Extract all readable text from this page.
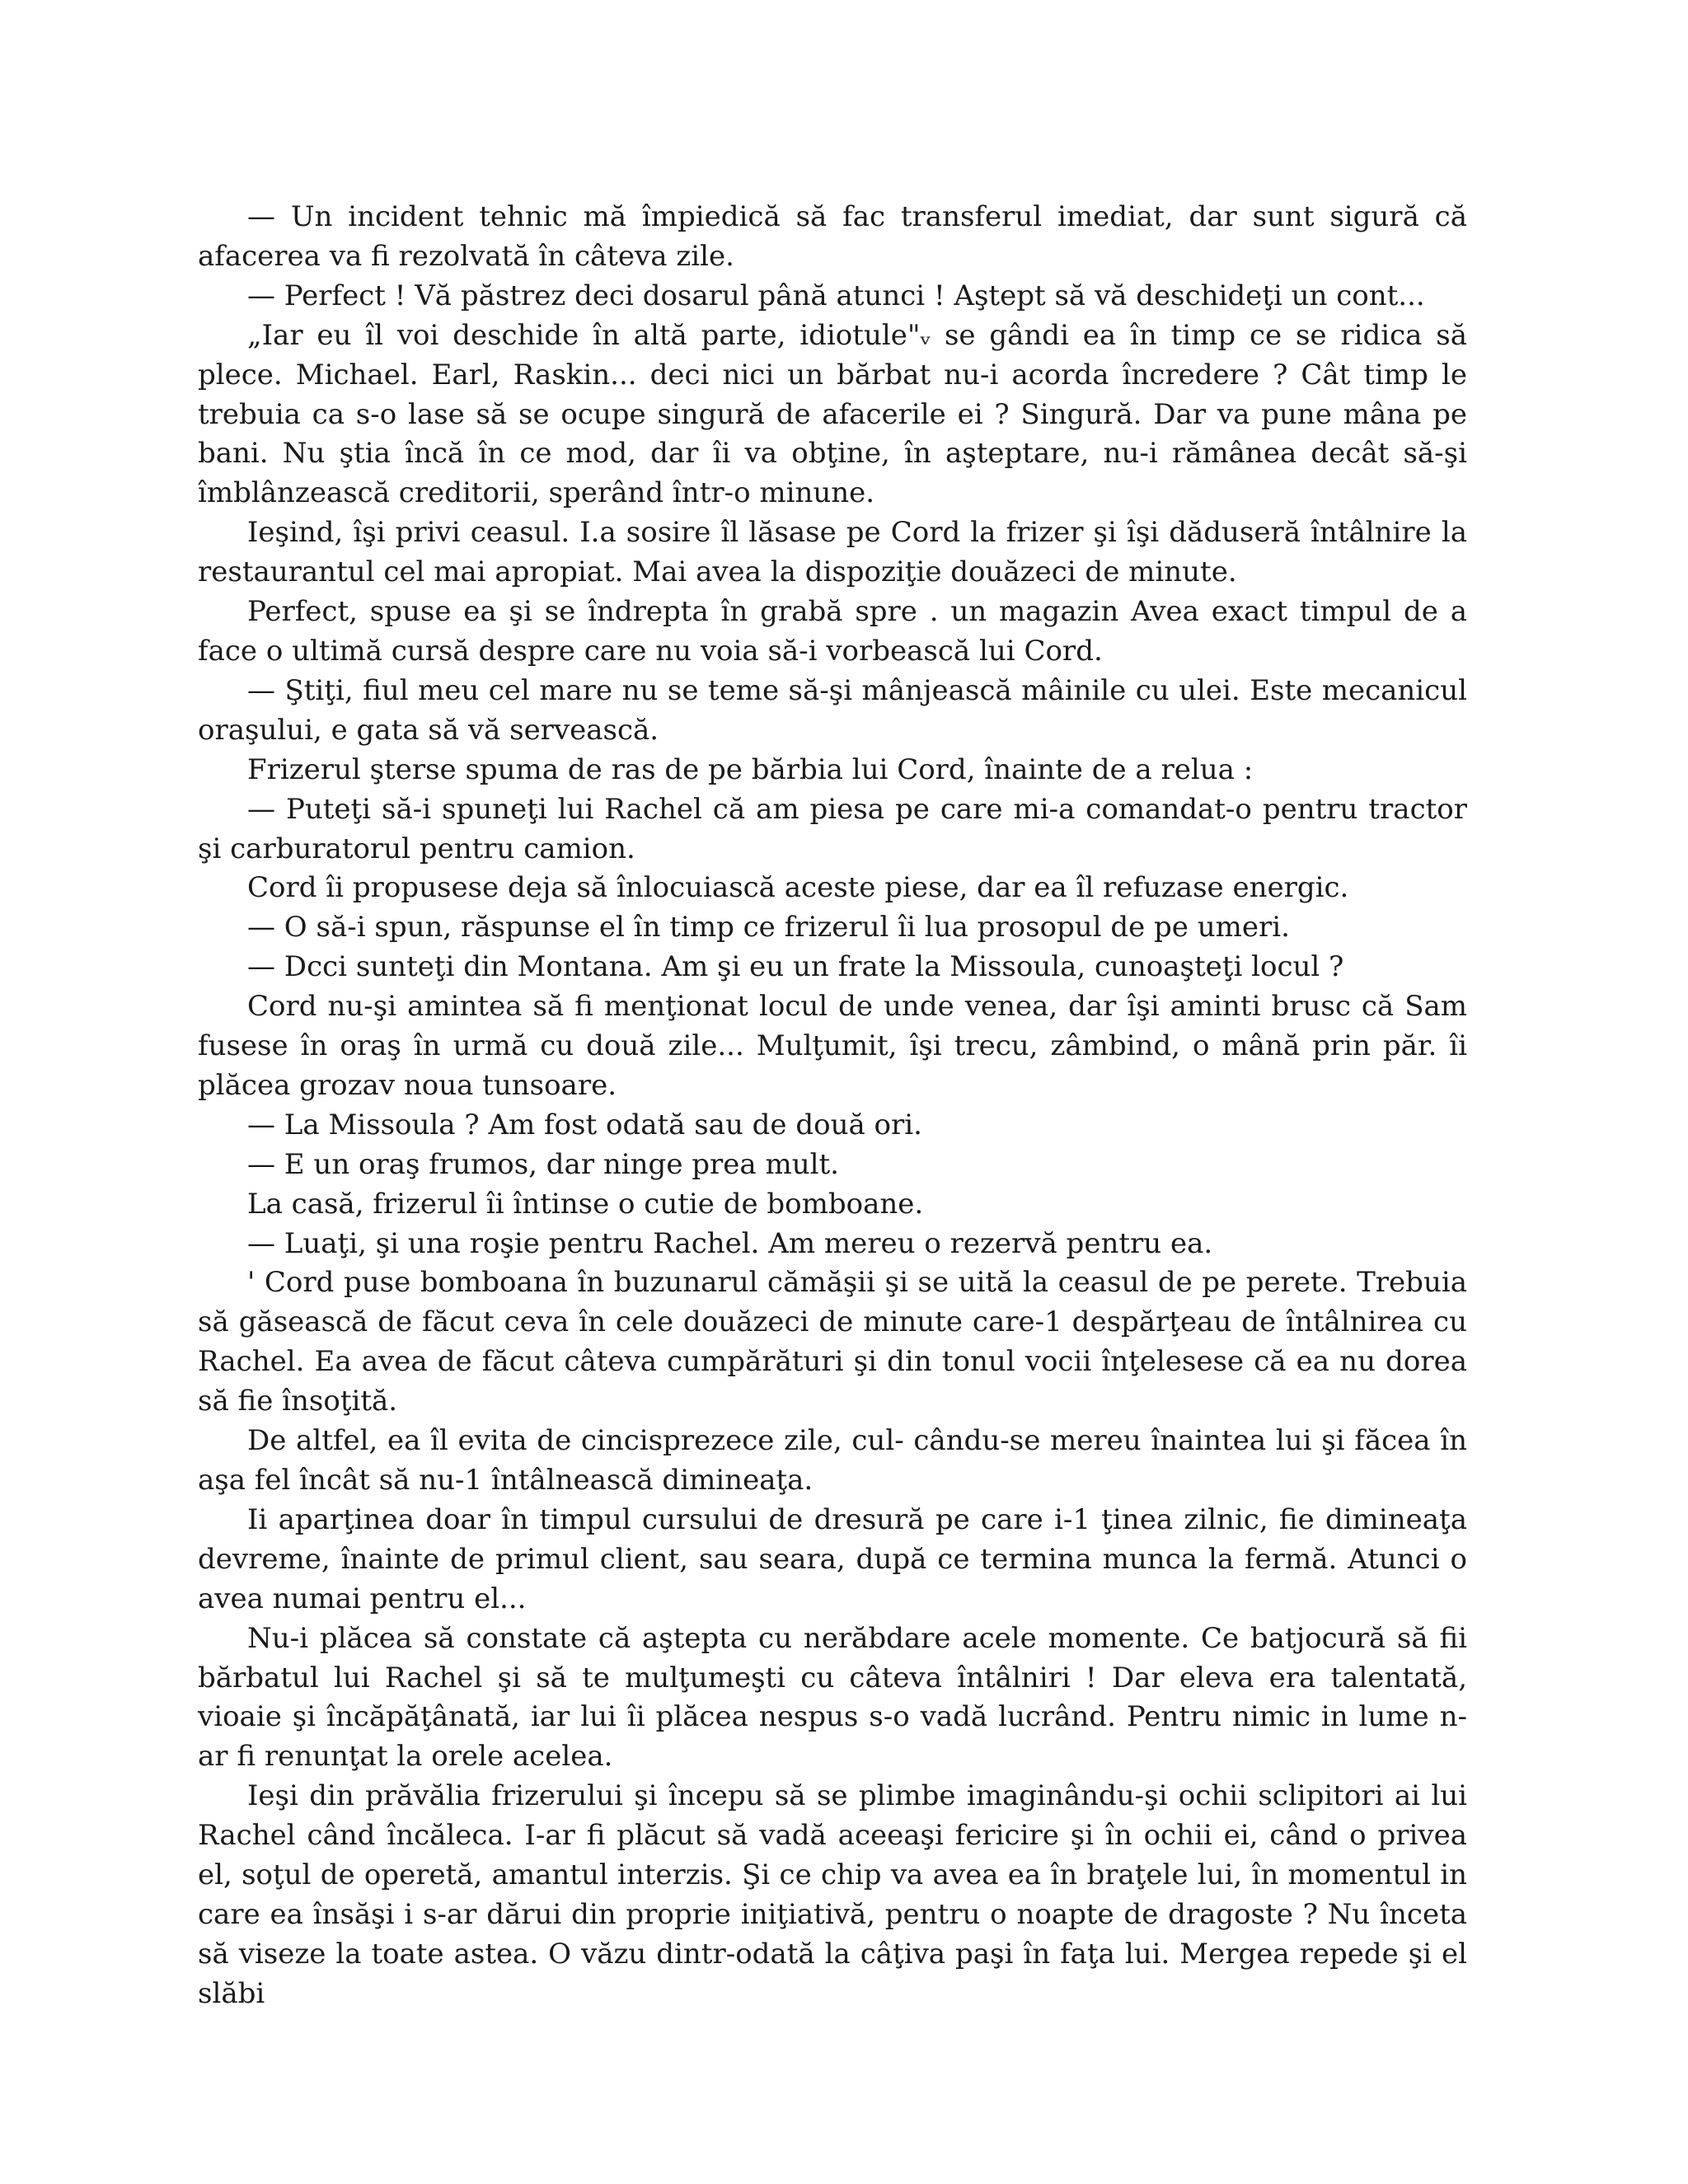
— Un incident tehnic mă împiedică să fac transferul imediat, dar sunt sigură că afacerea va fi rezolvată în câteva zile.

— Perfect ! Vă păstrez deci dosarul până atunci ! Aştept să vă deschideţi un cont...

„Iar eu îl voi deschide în altă parte, idiotule"ᵥ se gândi ea în timp ce se ridica să plece. Michael. Earl, Raskin... deci nici un bărbat nu-i acorda încredere ? Cât timp le trebuia ca s-o lase să se ocupe singură de afacerile ei ? Singură. Dar va pune mâna pe bani. Nu ştia încă în ce mod, dar îi va obţine, în aşteptare, nu-i rămânea decât să-şi îmblânzească creditorii, sperând într-o minune.

Ieşind, îşi privi ceasul. I.a sosire îl lăsase pe Cord la frizer şi îşi dăduseră întâlnire la restaurantul cel mai apropiat. Mai avea la dispoziţie douăzeci de minute.

Perfect, spuse ea şi se îndrepta în grabă spre . un magazin Avea exact timpul de a face o ultimă cursă despre care nu voia să-i vorbească lui Cord.

— Ştiţi, fiul meu cel mare nu se teme să-şi mânjească mâinile cu ulei. Este mecanicul oraşului, e gata să vă servească.

Frizerul şterse spuma de ras de pe bărbia lui Cord, înainte de a relua :

— Puteţi să-i spuneţi lui Rachel că am piesa pe care mi-a comandat-o pentru tractor şi carburatorul pentru camion.

Cord îi propusese deja să înlocuiască aceste piese, dar ea îl refuzase energic.

— O să-i spun, răspunse el în timp ce frizerul îi lua prosopul de pe umeri.

— Dcci sunteţi din Montana. Am şi eu un frate la Missoula, cunoaşteţi locul ?

Cord nu-şi amintea să fi menţionat locul de unde venea, dar îşi aminti brusc că Sam fusese în oraş în urmă cu două zile... Mulţumit, îşi trecu, zâmbind, o mână prin păr. îi plăcea grozav noua tunsoare.

— La Missoula ? Am fost odată sau de două ori.

— E un oraş frumos, dar ninge prea mult.

La casă, frizerul îi întinse o cutie de bomboane.

— Luaţi, şi una roşie pentru Rachel. Am mereu o rezervă pentru ea.

' Cord puse bomboana în buzunarul cămăşii şi se uită la ceasul de pe perete. Trebuia să găsească de făcut ceva în cele douăzeci de minute care-1 despărţeau de întâlnirea cu Rachel. Ea avea de făcut câteva cumpărături şi din tonul vocii înţelesese că ea nu dorea să fie însoţită.

De altfel, ea îl evita de cincisprezece zile, cul- cându-se mereu înaintea lui şi făcea în aşa fel încât să nu-1 întâlnească dimineaţa.

Ii aparţinea doar în timpul cursului de dresură pe care i-1 ţinea zilnic, fie dimineaţa devreme, înainte de primul client, sau seara, după ce termina munca la fermă. Atunci o avea numai pentru el...

Nu-i plăcea să constate că aştepta cu nerăbdare acele momente. Ce batjocură să fii bărbatul lui Rachel şi să te mulţumeşti cu câteva întâlniri ! Dar eleva era talentată, vioaie şi încăpăţânată, iar lui îi plăcea nespus s-o vadă lucrând. Pentru nimic in lume n-ar fi renunţat la orele acelea.

Ieşi din prăvălia frizerului şi începu să se plimbe imaginându-şi ochii sclipitori ai lui Rachel când încăleca. I-ar fi plăcut să vadă aceeaşi fericire şi în ochii ei, când o privea el, soţul de operetă, amantul interzis. Şi ce chip va avea ea în braţele lui, în momentul in care ea însăşi i s-ar dărui din proprie iniţiativă, pentru o noapte de dragoste ? Nu înceta să viseze la toate astea. O văzu dintr-odată la câţiva paşi în faţa lui. Mergea repede şi el slăbi
